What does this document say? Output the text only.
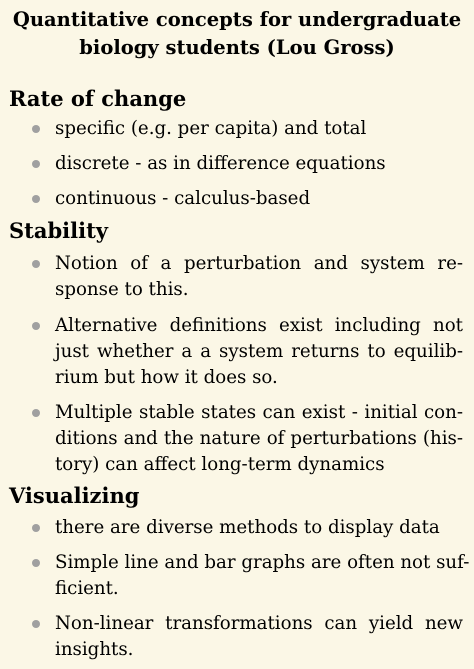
Quantitative concepts for undergraduate
biology students (Lou Gross)
Rate of change
specific (e.g. per capita) and total
discrete - as in difference equations
continuous - calculus-based
Stability
Notion of a perturbation and system re-
sponse to this.
Alternative definitions exist including not
just whether a a system returns to equilib-
rium but how it does so.
Multiple stable states can exist - initial con-
ditions and the nature of perturbations (his-
tory) can affect long-term dynamics
Visualizing
there are diverse methods to display data
Simple line and bar graphs are often not suf-
ficient.
Non-linear transformations can yield new
insights.
